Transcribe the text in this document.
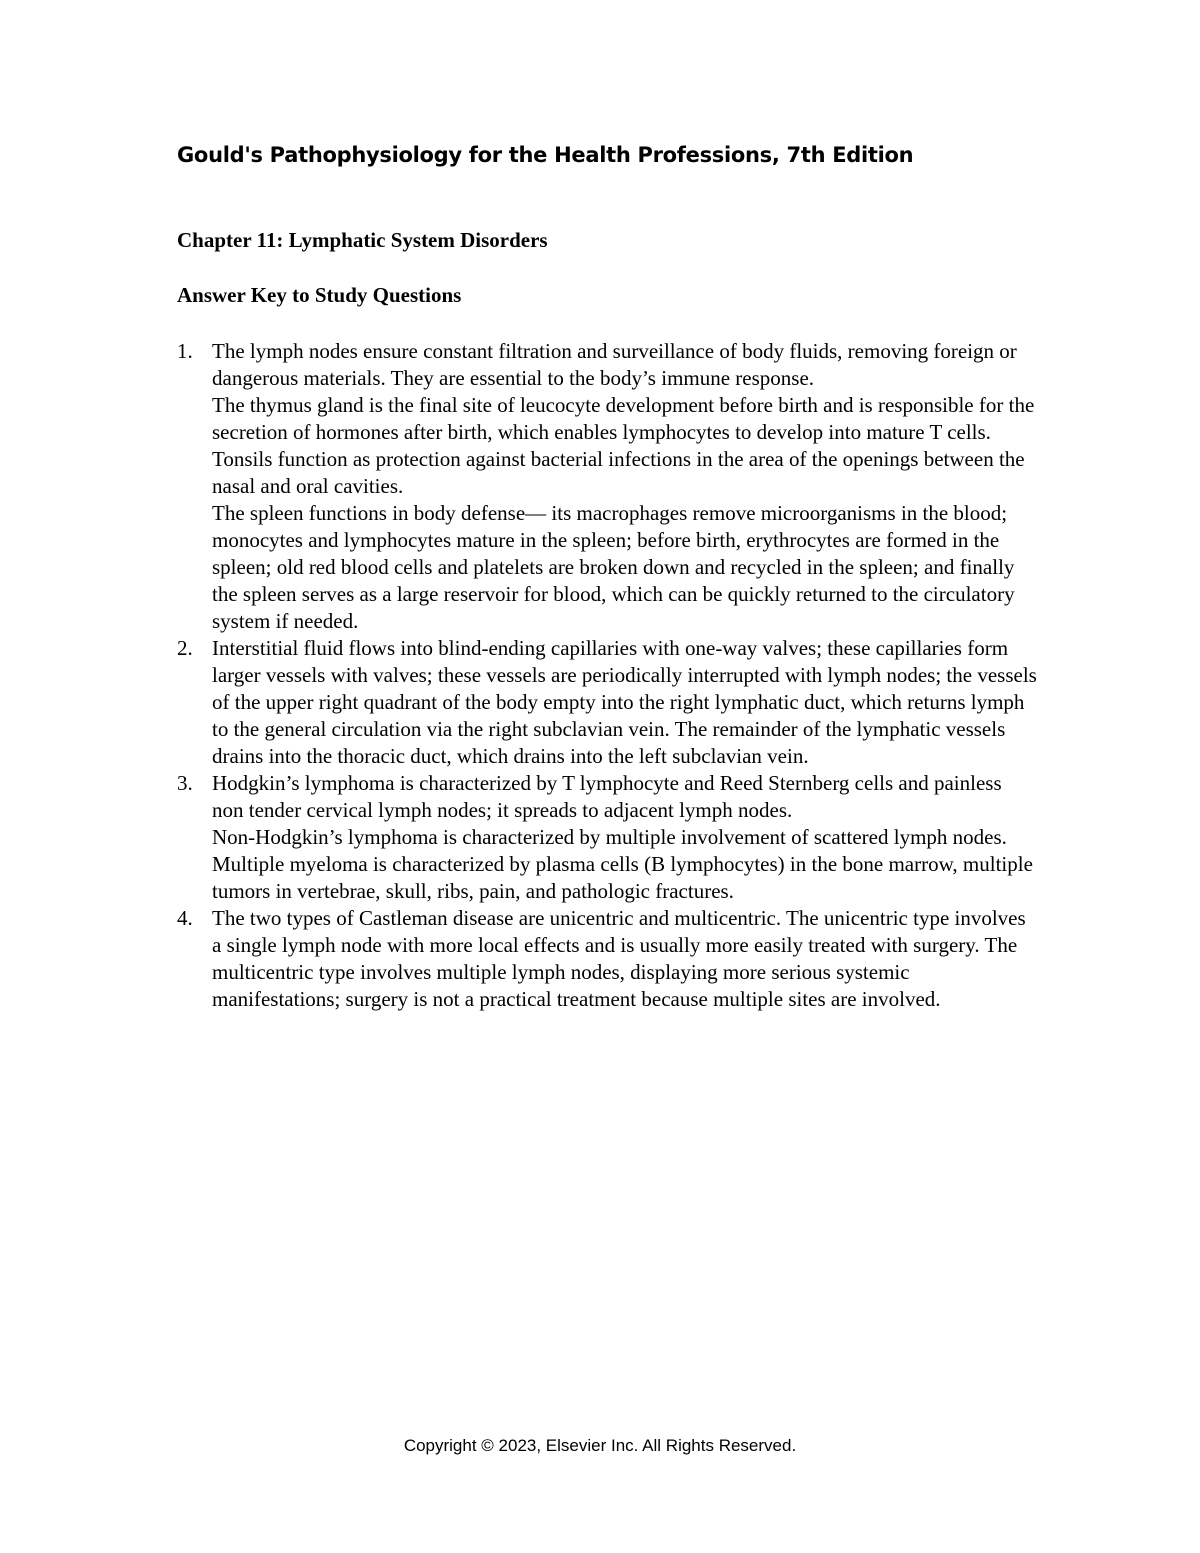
Gould's Pathophysiology for the Health Professions, 7th Edition
Chapter 11: Lymphatic System Disorders
Answer Key to Study Questions
1. The lymph nodes ensure constant filtration and surveillance of body fluids, removing foreign or dangerous materials. They are essential to the body’s immune response.

The thymus gland is the final site of leucocyte development before birth and is responsible for the secretion of hormones after birth, which enables lymphocytes to develop into mature T cells.

Tonsils function as protection against bacterial infections in the area of the openings between the nasal and oral cavities.

The spleen functions in body defense— its macrophages remove microorganisms in the blood; monocytes and lymphocytes mature in the spleen; before birth, erythrocytes are formed in the spleen; old red blood cells and platelets are broken down and recycled in the spleen; and finally the spleen serves as a large reservoir for blood, which can be quickly returned to the circulatory system if needed.

2. Interstitial fluid flows into blind-ending capillaries with one-way valves; these capillaries form larger vessels with valves; these vessels are periodically interrupted with lymph nodes; the vessels of the upper right quadrant of the body empty into the right lymphatic duct, which returns lymph to the general circulation via the right subclavian vein. The remainder of the lymphatic vessels drains into the thoracic duct, which drains into the left subclavian vein.

3. Hodgkin’s lymphoma is characterized by T lymphocyte and Reed Sternberg cells and painless non tender cervical lymph nodes; it spreads to adjacent lymph nodes.

Non-Hodgkin’s lymphoma is characterized by multiple involvement of scattered lymph nodes.

Multiple myeloma is characterized by plasma cells (B lymphocytes) in the bone marrow, multiple tumors in vertebrae, skull, ribs, pain, and pathologic fractures.

4. The two types of Castleman disease are unicentric and multicentric. The unicentric type involves a single lymph node with more local effects and is usually more easily treated with surgery. The multicentric type involves multiple lymph nodes, displaying more serious systemic manifestations; surgery is not a practical treatment because multiple sites are involved.

Copyright © 2023, Elsevier Inc. All Rights Reserved.
